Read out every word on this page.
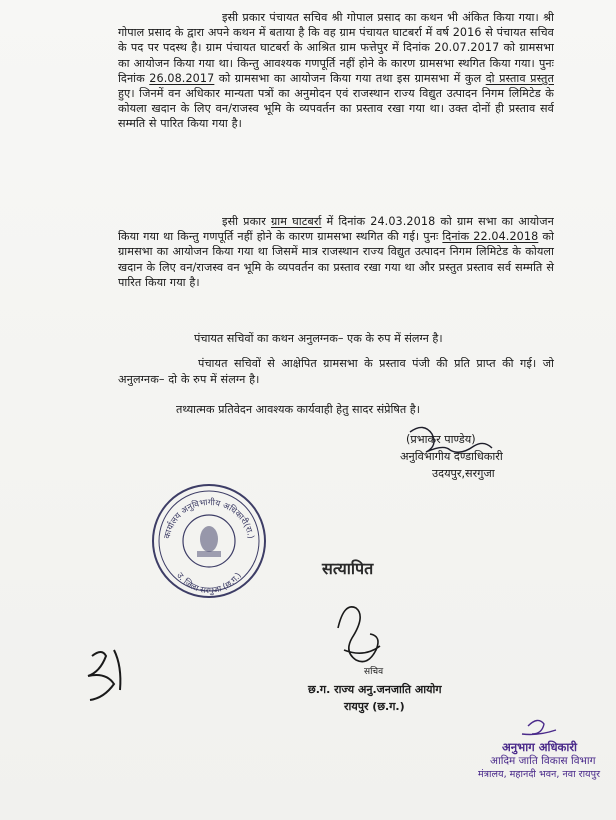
इसी प्रकार पंचायत सचिव श्री गोपाल प्रसाद का कथन भी अंकित किया गया। श्री गोपाल प्रसाद के द्वारा अपने कथन में बताया है कि वह ग्राम पंचायत घाटबर्रा में वर्ष 2016 से पंचायत सचिव के पद पर पदस्थ है। ग्राम पंचायत घाटबर्रा के आश्रित ग्राम फत्तेपुर में दिनांक 20.07.2017 को ग्रामसभा का आयोजन किया गया था। किन्तु आवश्यक गणपूर्ति नहीं होने के कारण ग्रामसभा स्थगित किया गया। पुनः दिनांक 26.08.2017 को ग्रामसभा का आयोजन किया गया तथा इस ग्रामसभा में कुल दो प्रस्ताव प्रस्तुत हुए। जिनमें वन अधिकार मान्यता पत्रों का अनुमोदन एवं राजस्थान राज्य विद्युत उत्पादन निगम लिमिटेड के कोयला खदान के लिए वन/राजस्व भूमि के व्यपवर्तन का प्रस्ताव रखा गया था। उक्त दोनों ही प्रस्ताव सर्व सम्मति से पारित किया गया है।
इसी प्रकार ग्राम घाटबर्रा में दिनांक 24.03.2018 को ग्राम सभा का आयोजन किया गया था किन्तु गणपूर्ति नहीं होने के कारण ग्रामसभा स्थगित की गई। पुनः दिनांक 22.04.2018 को ग्रामसभा का आयोजन किया गया था जिसमें मात्र राजस्थान राज्य विद्युत उत्पादन निगम लिमिटेड के कोयला खदान के लिए वन/राजस्व वन भूमि के व्यपवर्तन का प्रस्ताव रखा गया था और प्रस्तुत प्रस्ताव सर्व सम्मति से पारित किया गया है।
पंचायत सचिवों का कथन अनुलग्नक– एक के रुप में संलग्न है।
पंचायत सचिवों से आक्षेपित ग्रामसभा के प्रस्ताव पंजी की प्रति प्राप्त की गई। जो अनुलग्नक– दो के रुप में संलग्न है।
तथ्यात्मक प्रतिवेदन आवश्यक कार्यवाही हेतु सादर संप्रेषित है।
(प्रभाकर पाण्डेय)
अनुविभागीय दण्डाधिकारी
उदयपुर,सरगुजा
कार्यालय अनुविभागीय अधिकारी(रा.)
उ. जिला सरगुजा (छ.ग.)	सत्यापित
सचिव
छ.ग. राज्य अनु.जनजाति आयोग
रायपुर (छ.ग.)
अनुभाग अधिकारी
आदिम जाति विकास विभाग
मंत्रालय, महानदी भवन, नवा रायपुर
